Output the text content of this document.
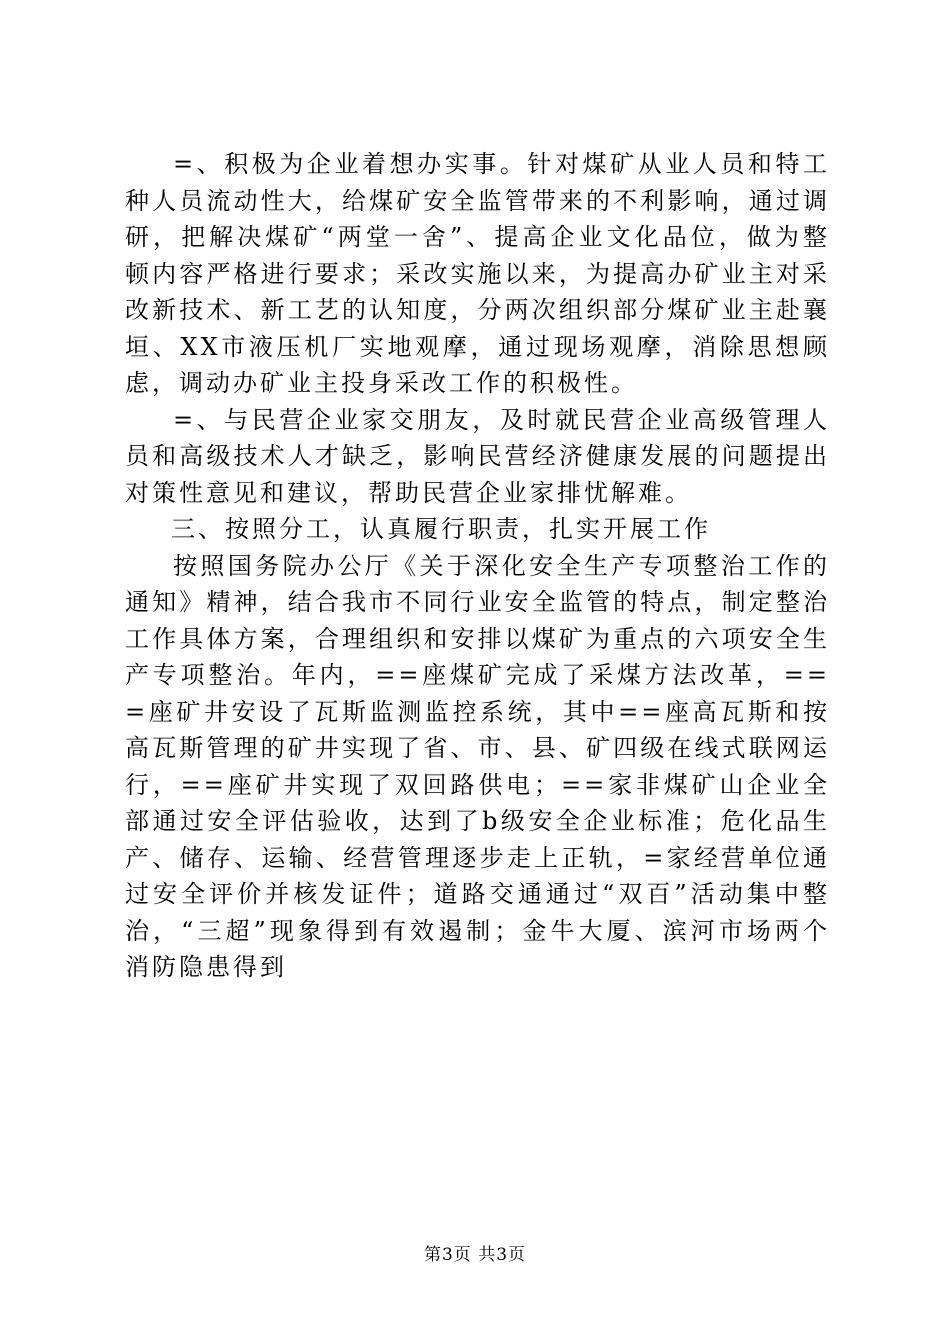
=、积极为企业着想办实事。针对煤矿从业人员和特工种人员流动性大，给煤矿安全监管带来的不利影响，通过调研，把解决煤矿“两堂一舍”、提高企业文化品位，做为整顿内容严格进行要求；采改实施以来，为提高办矿业主对采改新技术、新工艺的认知度，分两次组织部分煤矿业主赴襄垣、XX市液压机厂实地观摩，通过现场观摩，消除思想顾虑，调动办矿业主投身采改工作的积极性。

=、与民营企业家交朋友，及时就民营企业高级管理人员和高级技术人才缺乏，影响民营经济健康发展的问题提出对策性意见和建议，帮助民营企业家排忧解难。

三、按照分工，认真履行职责，扎实开展工作

按照国务院办公厅《关于深化安全生产专项整治工作的通知》精神，结合我市不同行业安全监管的特点，制定整治工作具体方案，合理组织和安排以煤矿为重点的六项安全生产专项整治。年内，==座煤矿完成了采煤方法改革，===座矿井安设了瓦斯监测监控系统，其中==座高瓦斯和按高瓦斯管理的矿井实现了省、市、县、矿四级在线式联网运行，==座矿井实现了双回路供电；==家非煤矿山企业全部通过安全评估验收，达到了b级安全企业标准；危化品生产、储存、运输、经营管理逐步走上正轨，=家经营单位通过安全评价并核发证件；道路交通通过“双百”活动集中整治，“三超”现象得到有效遏制；金牛大厦、滨河市场两个消防隐患得到

第3页 共3页
